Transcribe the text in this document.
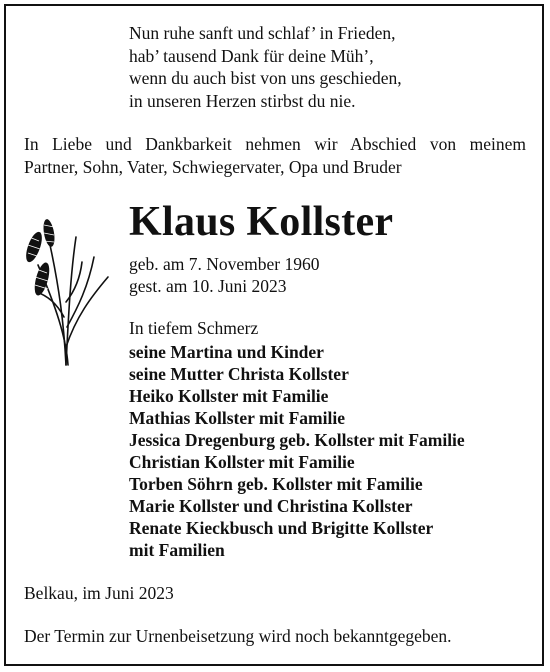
Nun ruhe sanft und schlaf’ in Frieden,
hab’ tausend Dank für deine Müh’,
wenn du auch bist von uns geschieden,
in unseren Herzen stirbst du nie.
In Liebe und Dankbarkeit nehmen wir Abschied von meinem
Partner, Sohn, Vater, Schwiegervater, Opa und Bruder
Klaus Kollster
geb. am 7. November 1960
gest. am 10. Juni 2023
In tiefem Schmerz
seine Martina und Kinder
seine Mutter Christa Kollster
Heiko Kollster mit Familie
Mathias Kollster mit Familie
Jessica Dregenburg geb. Kollster mit Familie
Christian Kollster mit Familie
Torben Söhrn geb. Kollster mit Familie
Marie Kollster und Christina Kollster
Renate Kieckbusch und Brigitte Kollster
mit Familien
Belkau, im Juni 2023
Der Termin zur Urnenbeisetzung wird noch bekanntgegeben.
